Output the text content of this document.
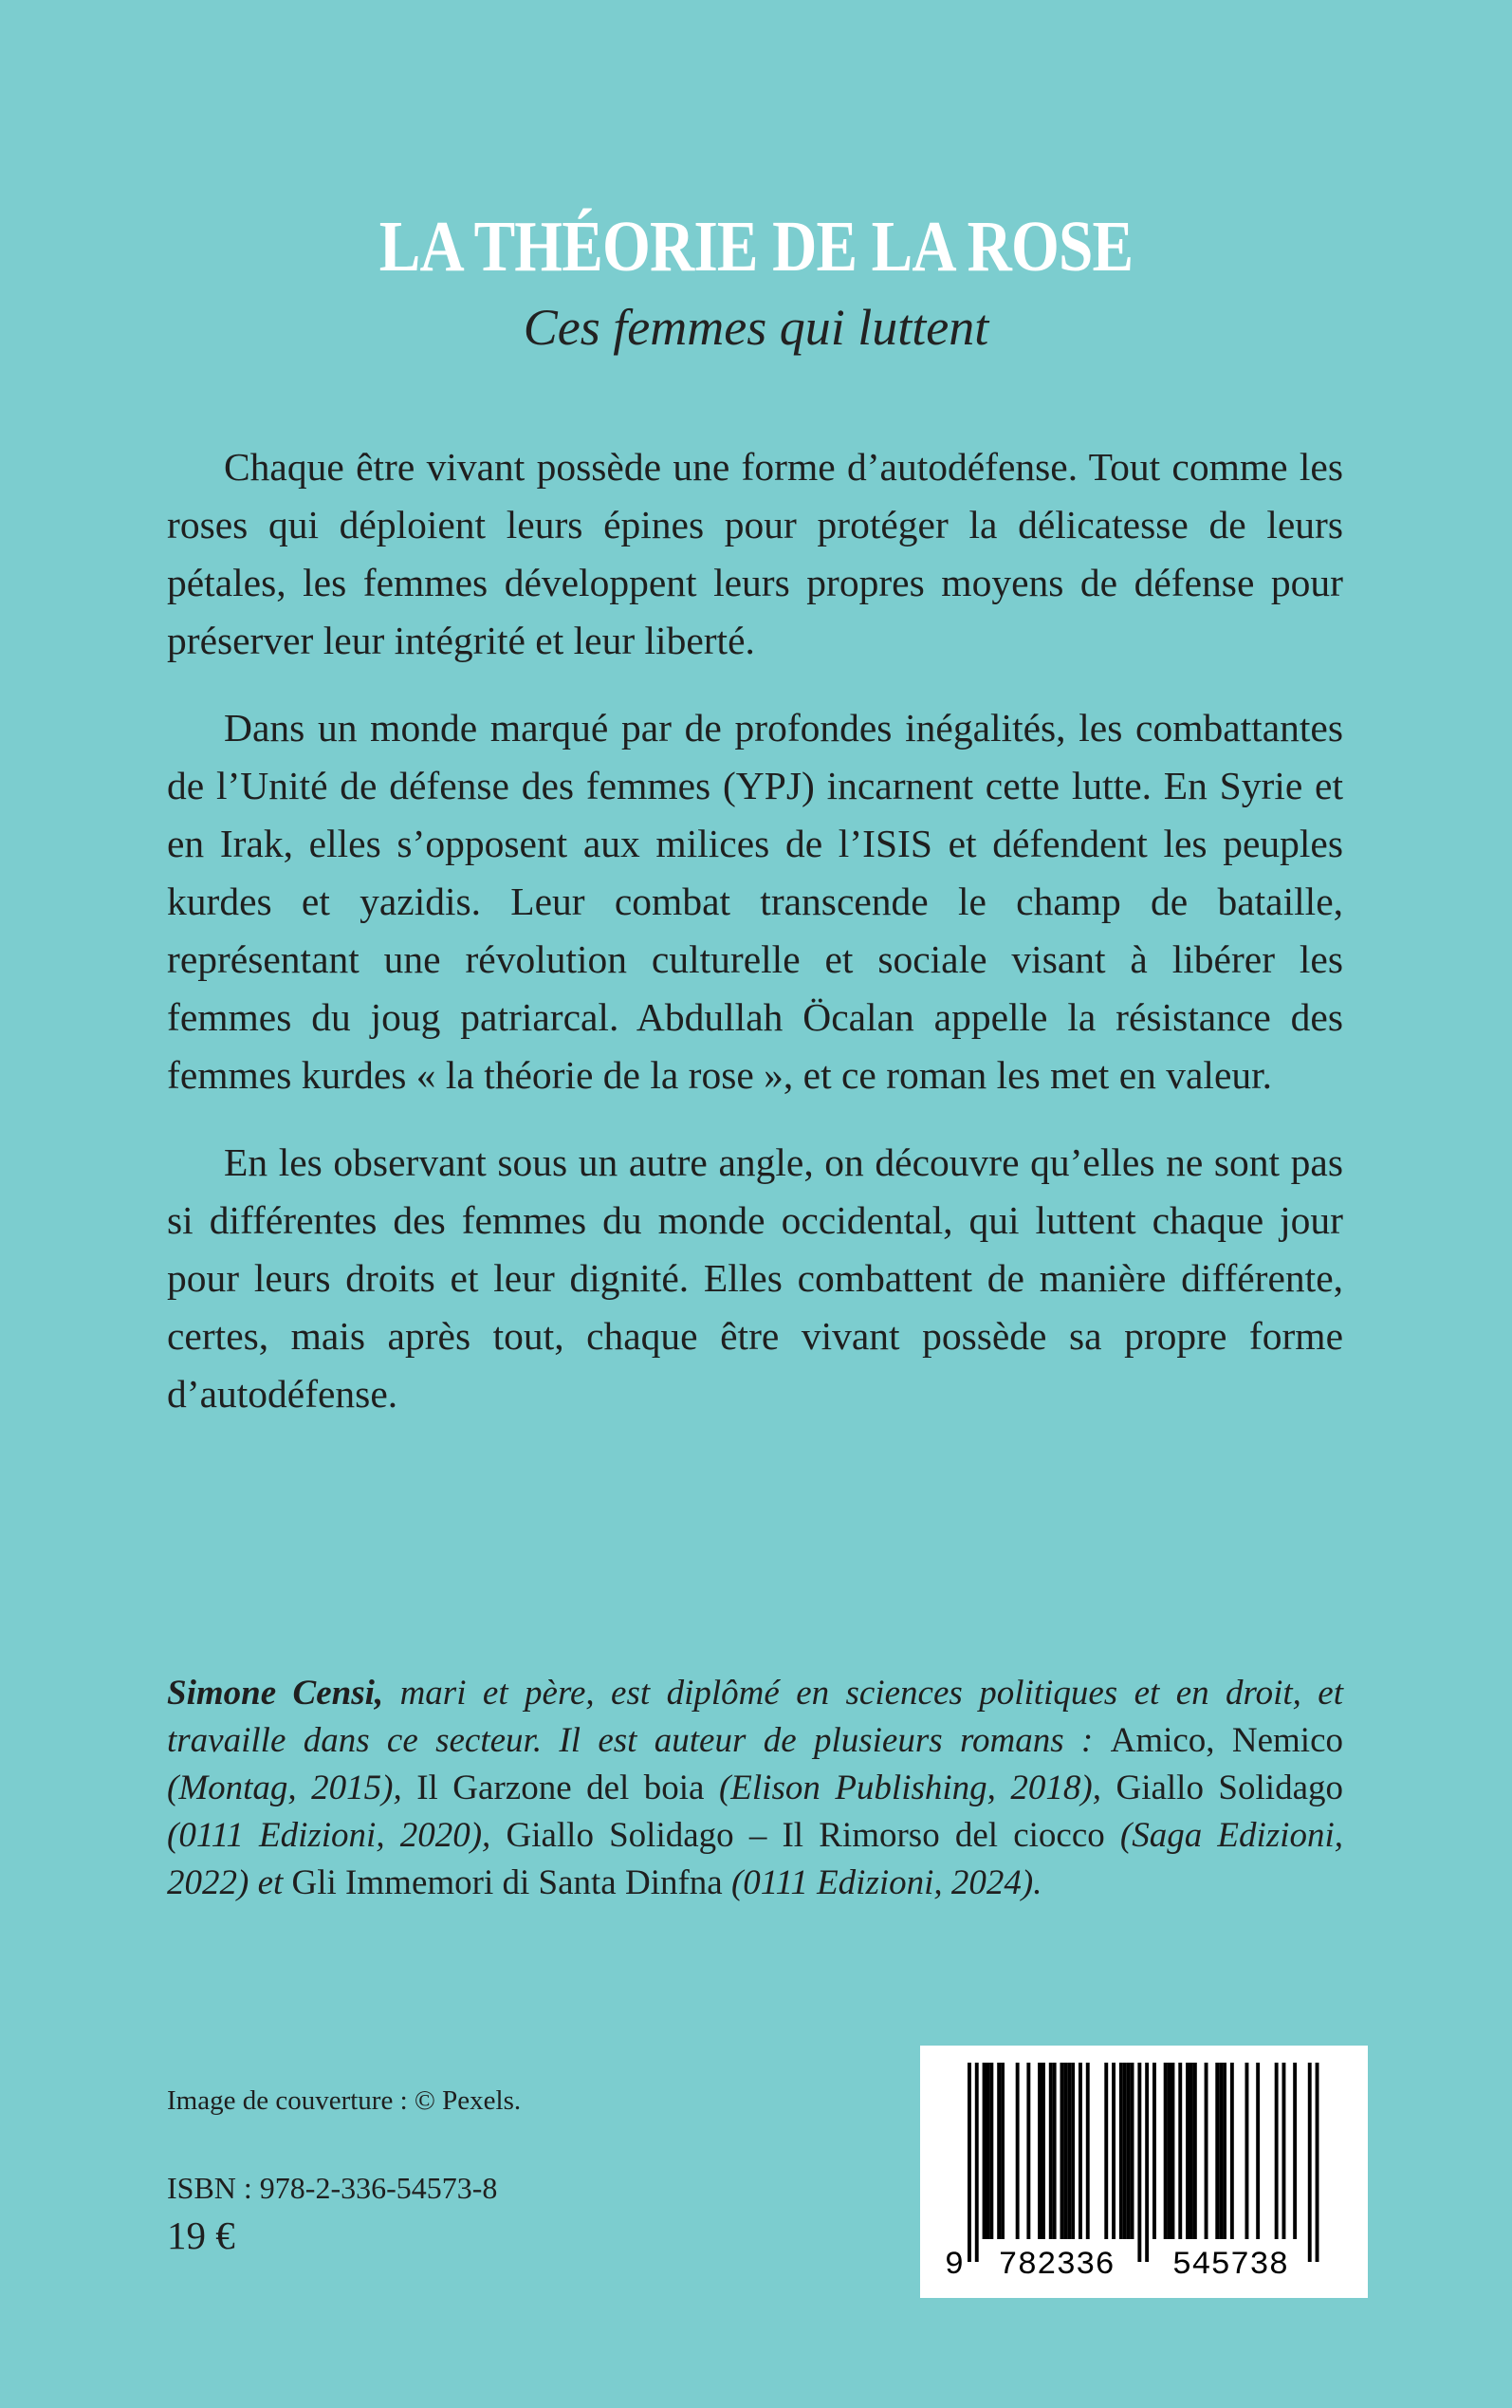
LA THÉORIE DE LA ROSE
Ces femmes qui luttent

Chaque être vivant possède une forme d’autodéfense. Tout comme les roses qui déploient leurs épines pour protéger la délicatesse de leurs pétales, les femmes développent leurs propres moyens de défense pour préserver leur intégrité et leur liberté.

Dans un monde marqué par de profondes inégalités, les combattantes de l’Unité de défense des femmes (YPJ) incarnent cette lutte. En Syrie et en Irak, elles s’opposent aux milices de l’ISIS et défendent les peuples kurdes et yazidis. Leur combat transcende le champ de bataille, représentant une révolution culturelle et sociale visant à libérer les femmes du joug patriarcal. Abdullah Öcalan appelle la résistance des femmes kurdes « la théorie de la rose », et ce roman les met en valeur.

En les observant sous un autre angle, on découvre qu’elles ne sont pas si différentes des femmes du monde occidental, qui luttent chaque jour pour leurs droits et leur dignité. Elles combattent de manière différente, certes, mais après tout, chaque être vivant possède sa propre forme d’autodéfense.

Simone Censi, mari et père, est diplômé en sciences politiques et en droit, et travaille dans ce secteur. Il est auteur de plusieurs romans : Amico, Nemico (Montag, 2015), Il Garzone del boia (Elison Publishing, 2018), Giallo Solidago (0111 Edizioni, 2020), Giallo Solidago – Il Rimorso del ciocco (Saga Edizioni, 2022) et Gli Immemori di Santa Dinfna (0111 Edizioni, 2024).

Image de couverture : © Pexels.
ISBN : 978-2-336-54573-8
19 €
9 782336 545738
